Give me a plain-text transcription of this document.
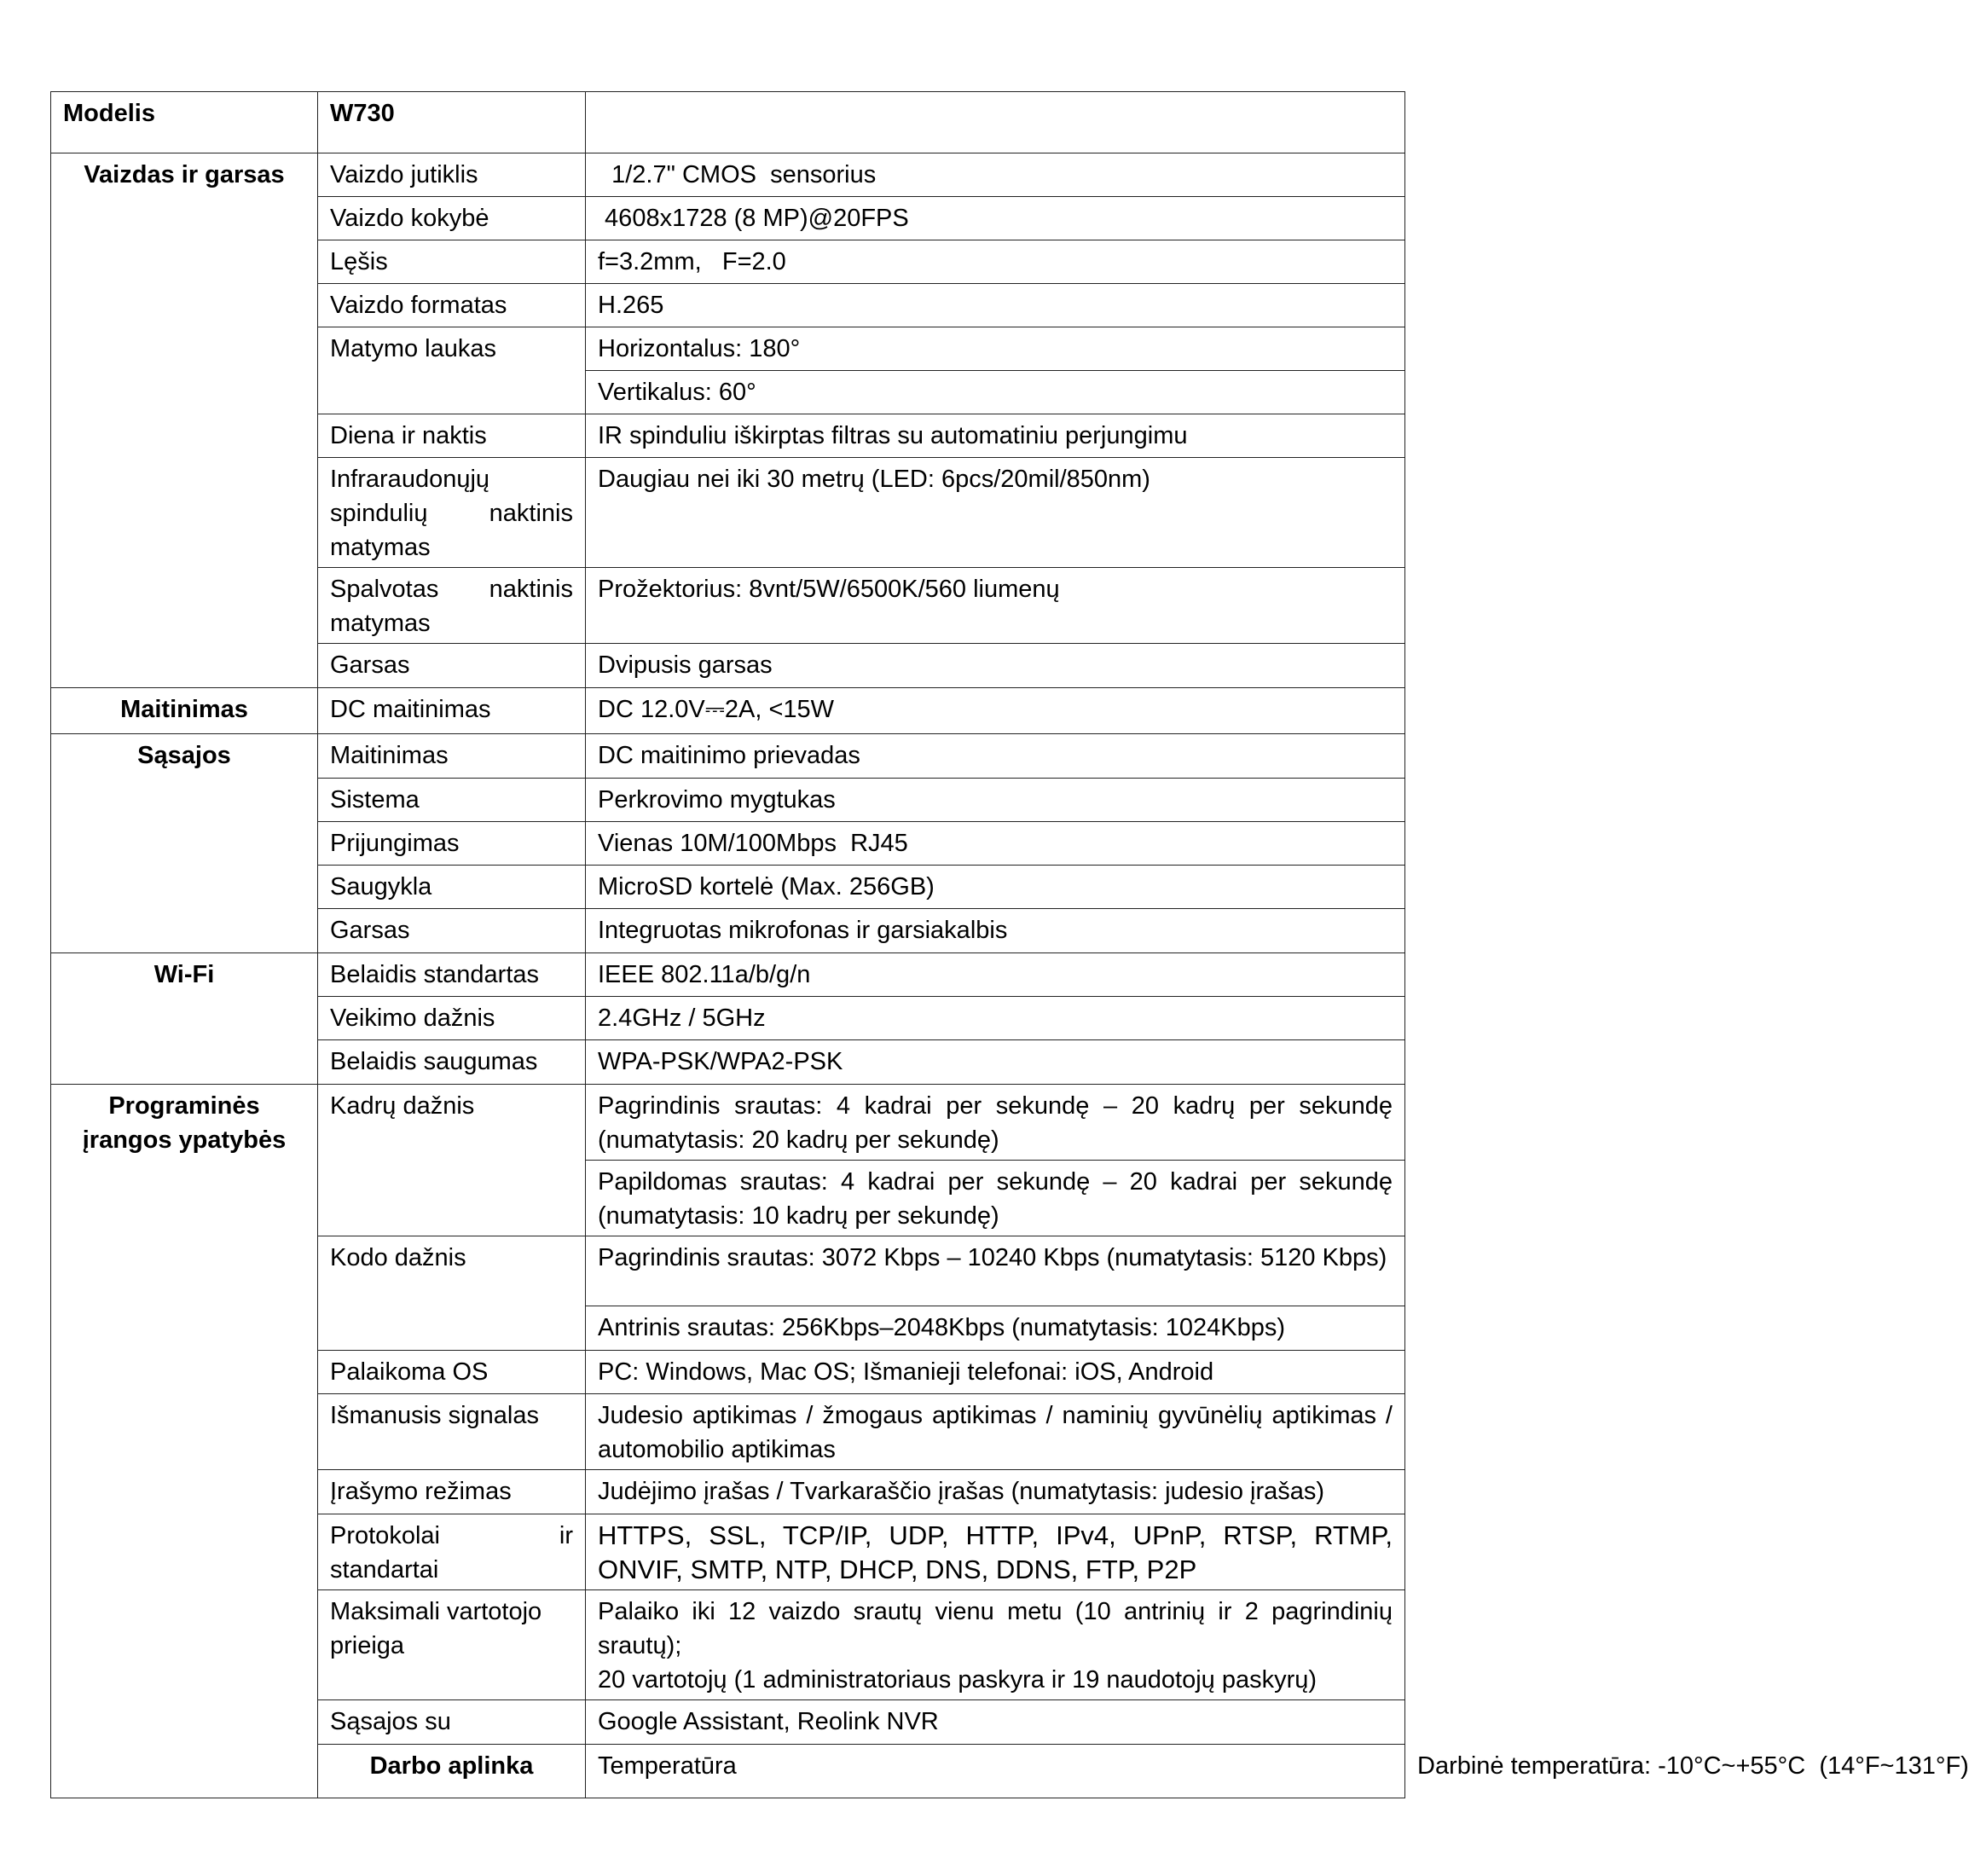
Modelis	W730		
Vaizdas ir garsas	Vaizdo jutiklis	1/2.7" CMOS  sensorius	
	Vaizdo kokybė	4608x1728 (8 MP)@20FPS	
	Lęšis	f=3.2mm,   F=2.0	
	Vaizdo formatas	H.265	
	Matymo laukas	Horizontalus: 180°	
		Vertikalus: 60°	
	Diena ir naktis	IR spinduliu iškirptas filtras su automatiniu perjungimu	
	Infraraudonųjų spindulių naktinis matymas	Daugiau nei iki 30 metrų (LED: 6pcs/20mil/850nm)	
	Spalvotas naktinis matymas	Prožektorius: 8vnt/5W/6500K/560 liumenų	
	Garsas	Dvipusis garsas	
Maitinimas	DC maitinimas	DC 12.0V⎓2A, <15W	
Sąsajos	Maitinimas	DC maitinimo prievadas	
	Sistema	Perkrovimo mygtukas	
	Prijungimas	Vienas 10M/100Mbps  RJ45	
	Saugykla	MicroSD kortelė (Max. 256GB)	
	Garsas	Integruotas mikrofonas ir garsiakalbis	
Wi-Fi	Belaidis standartas	IEEE 802.11a/b/g/n	
	Veikimo dažnis	2.4GHz / 5GHz	
	Belaidis saugumas	WPA-PSK/WPA2-PSK	

Programinės
įrangos ypatybės	Kadrų dažnis	Pagrindinis srautas: 4 kadrai per sekundę – 20 kadrų per sekundę (numatytasis: 20 kadrų per sekundę)	
		Papildomas srautas: 4 kadrai per sekundę – 20 kadrai per sekundę (numatytasis: 10 kadrų per sekundę)	
	Kodo dažnis	Pagrindinis srautas: 3072 Kbps – 10240 Kbps (numatytasis: 5120 Kbps)	
		Antrinis srautas: 256Kbps–2048Kbps (numatytasis: 1024Kbps)	
	Palaikoma OS	PC: Windows, Mac OS; Išmanieji telefonai: iOS, Android	
	Išmanusis signalas	Judesio aptikimas / žmogaus aptikimas / naminių gyvūnėlių aptikimas / automobilio aptikimas	
	Įrašymo režimas	Judėjimo įrašas / Tvarkaraščio įrašas (numatytasis: judesio įrašas)	
	Protokolai ir standartai	HTTPS, SSL, TCP/IP, UDP, HTTP, IPv4, UPnP, RTSP, RTMP, ONVIF, SMTP, NTP, DHCP, DNS, DDNS, FTP, P2P	
	Maksimali vartotojo prieiga	Palaiko iki 12 vaizdo srautų vienu metu (10 antrinių ir 2 pagrindinių srautų);
20 vartotojų (1 administratoriaus paskyra ir 19 naudotojų paskyrų)	

	Sąsajos su	Google Assistant, Reolink NVR	
	Darbo aplinka	Temperatūra	Darbinė temperatūra: -10°C~+55°C  (14°F~131°F)
